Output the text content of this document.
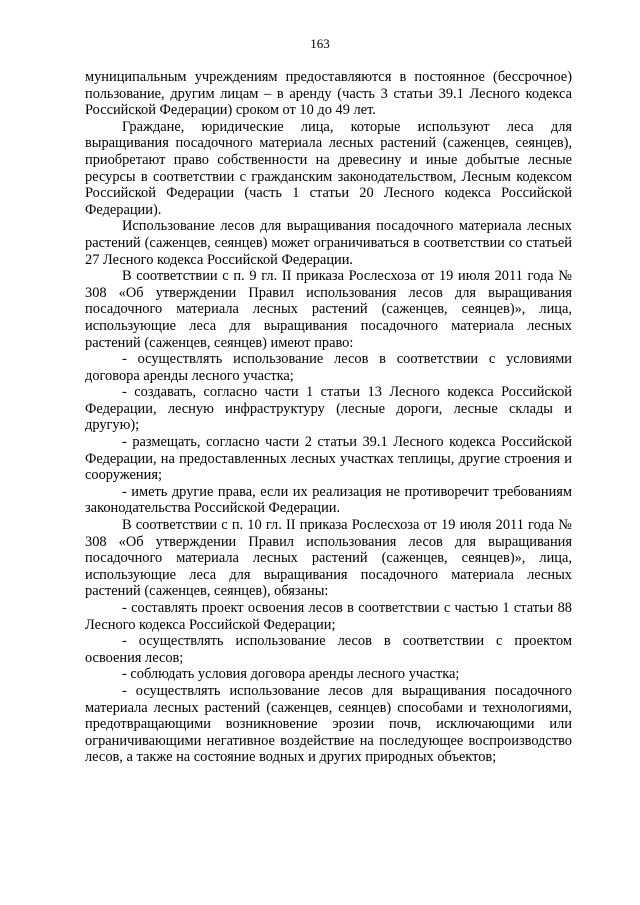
163

муниципальным учреждениям предоставляются в постоянное (бессрочное) пользование, другим лицам – в аренду (часть 3 статьи 39.1 Лесного кодекса Российской Федерации) сроком от 10 до 49 лет.

Граждане, юридические лица, которые используют леса для выращивания посадочного материала лесных растений (саженцев, сеянцев), приобретают право собственности на древесину и иные добытые лесные ресурсы в соответствии с гражданским законодательством, Лесным кодексом Российской Федерации (часть 1 статьи 20 Лесного кодекса Российской Федерации).

Использование лесов для выращивания посадочного материала лесных растений (саженцев, сеянцев) может ограничиваться в соответствии со статьей 27 Лесного кодекса Российской Федерации.

В соответствии с п. 9 гл. II приказа Рослесхоза от 19 июля 2011 года № 308 «Об утверждении Правил использования лесов для выращивания посадочного материала лесных растений (саженцев, сеянцев)», лица, использующие леса для выращивания посадочного материала лесных растений (саженцев, сеянцев) имеют право:

- осуществлять использование лесов в соответствии с условиями договора аренды лесного участка;

- создавать, согласно части 1 статьи 13 Лесного кодекса Российской Федерации, лесную инфраструктуру (лесные дороги, лесные склады и другую);

- размещать, согласно части 2 статьи 39.1 Лесного кодекса Российской Федерации, на предоставленных лесных участках теплицы, другие строения и сооружения;

- иметь другие права, если их реализация не противоречит требованиям законодательства Российской Федерации.

В соответствии с п. 10 гл. II приказа Рослесхоза от 19 июля 2011 года № 308 «Об утверждении Правил использования лесов для выращивания посадочного материала лесных растений (саженцев, сеянцев)», лица, использующие леса для выращивания посадочного материала лесных растений (саженцев, сеянцев), обязаны:

- составлять проект освоения лесов в соответствии с частью 1 статьи 88 Лесного кодекса Российской Федерации;

- осуществлять использование лесов в соответствии с проектом освоения лесов;

- соблюдать условия договора аренды лесного участка;

- осуществлять использование лесов для выращивания посадочного материала лесных растений (саженцев, сеянцев) способами и технологиями, предотвращающими возникновение эрозии почв, исключающими или ограничивающими негативное воздействие на последующее воспроизводство лесов, а также на состояние водных и других природных объектов;
